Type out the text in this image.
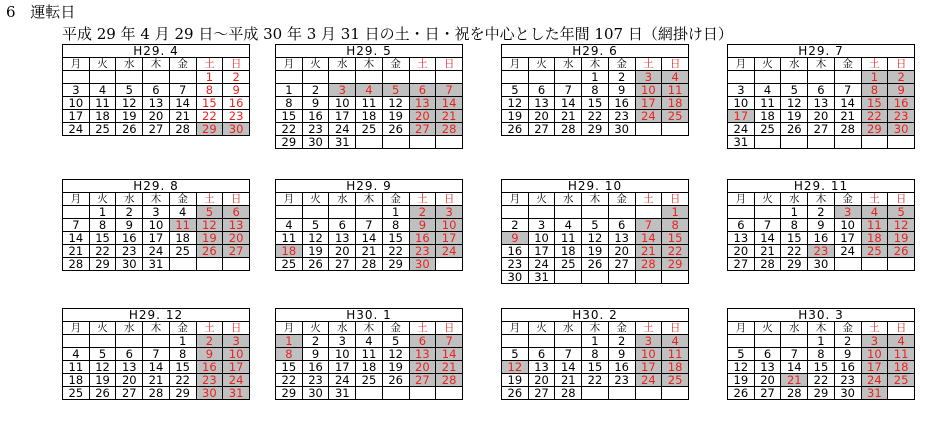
6 運転日
平成 29 年 4 月 29 日～平成 30 年 3 月 31 日の土・日・祝を中心とした年間 107 日（網掛け日）
H29. 4
月	火	水	木	金	土	日
					1	2
3	4	5	6	7	8	9
10	11	12	13	14	15	16
17	18	19	20	21	22	23
24	25	26	27	28	29	30
H29. 5
月	火	水	木	金	土	日

1	2	3	4	5	6	7
8	9	10	11	12	13	14
15	16	17	18	19	20	21
22	23	24	25	26	27	28
29	30	31				
H29. 6
月	火	水	木	金	土	日
			1	2	3	4
5	6	7	8	9	10	11
12	13	14	15	16	17	18
19	20	21	22	23	24	25
26	27	28	29	30		
H29. 7
月	火	水	木	金	土	日
					1	2
3	4	5	6	7	8	9
10	11	12	13	14	15	16
17	18	19	20	21	22	23
24	25	26	27	28	29	30
31						
H29. 8
月	火	水	木	金	土	日
	1	2	3	4	5	6
7	8	9	10	11	12	13
14	15	16	17	18	19	20
21	22	23	24	25	26	27
28	29	30	31			
H29. 9
月	火	水	木	金	土	日
				1	2	3
4	5	6	7	8	9	10
11	12	13	14	15	16	17
18	19	20	21	22	23	24
25	26	27	28	29	30	
H29. 10
月	火	水	木	金	土	日
						1
2	3	4	5	6	7	8
9	10	11	12	13	14	15
16	17	18	19	20	21	22
23	24	25	26	27	28	29
30	31					
H29. 11
月	火	水	木	金	土	日
		1	2	3	4	5
6	7	8	9	10	11	12
13	14	15	16	17	18	19
20	21	22	23	24	25	26
27	28	29	30			
H29. 12
月	火	水	木	金	土	日
				1	2	3
4	5	6	7	8	9	10
11	12	13	14	15	16	17
18	19	20	21	22	23	24
25	26	27	28	29	30	31
H30. 1
月	火	水	木	金	土	日
1	2	3	4	5	6	7
8	9	10	11	12	13	14
15	16	17	18	19	20	21
22	23	24	25	26	27	28
29	30	31				
H30. 2
月	火	水	木	金	土	日
			1	2	3	4
5	6	7	8	9	10	11
12	13	14	15	16	17	18
19	20	21	22	23	24	25
26	27	28				
H30. 3
月	火	水	木	金	土	日
			1	2	3	4
5	6	7	8	9	10	11
12	13	14	15	16	17	18
19	20	21	22	23	24	25
26	27	28	29	30	31	
